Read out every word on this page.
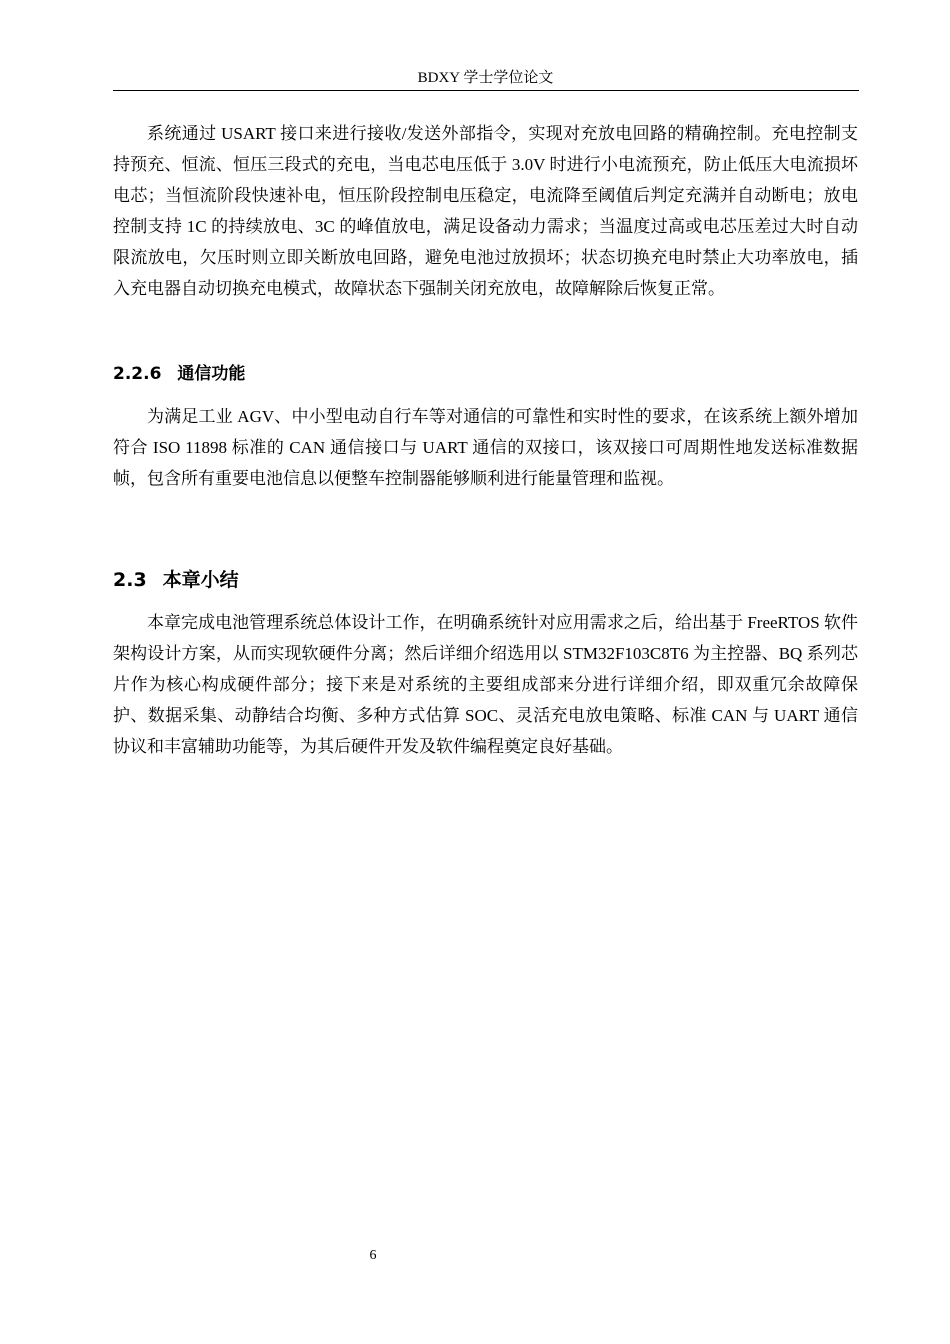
BDXY 学士学位论文

系统通过 USART 接口来进行接收/发送外部指令，实现对充放电回路的精确控制。充电控制支持预充、恒流、恒压三段式的充电，当电芯电压低于 3.0V 时进行小电流预充，防止低压大电流损坏电芯；当恒流阶段快速补电，恒压阶段控制电压稳定，电流降至阈值后判定充满并自动断电；放电控制支持 1C 的持续放电、3C 的峰值放电，满足设备动力需求；当温度过高或电芯压差过大时自动限流放电，欠压时则立即关断放电回路，避免电池过放损坏；状态切换充电时禁止大功率放电，插入充电器自动切换充电模式，故障状态下强制关闭充放电，故障解除后恢复正常。

2.2.6 通信功能

为满足工业 AGV、中小型电动自行车等对通信的可靠性和实时性的要求，在该系统上额外增加符合 ISO 11898 标准的 CAN 通信接口与 UART 通信的双接口，该双接口可周期性地发送标准数据帧，包含所有重要电池信息以便整车控制器能够顺利进行能量管理和监视。

2.3 本章小结

本章完成电池管理系统总体设计工作，在明确系统针对应用需求之后，给出基于 FreeRTOS 软件架构设计方案，从而实现软硬件分离；然后详细介绍选用以 STM32F103C8T6 为主控器、BQ 系列芯片作为核心构成硬件部分；接下来是对系统的主要组成部来分进行详细介绍，即双重冗余故障保护、数据采集、动静结合均衡、多种方式估算 SOC、灵活充电放电策略、标准 CAN 与 UART 通信协议和丰富辅助功能等，为其后硬件开发及软件编程奠定良好基础。

6
